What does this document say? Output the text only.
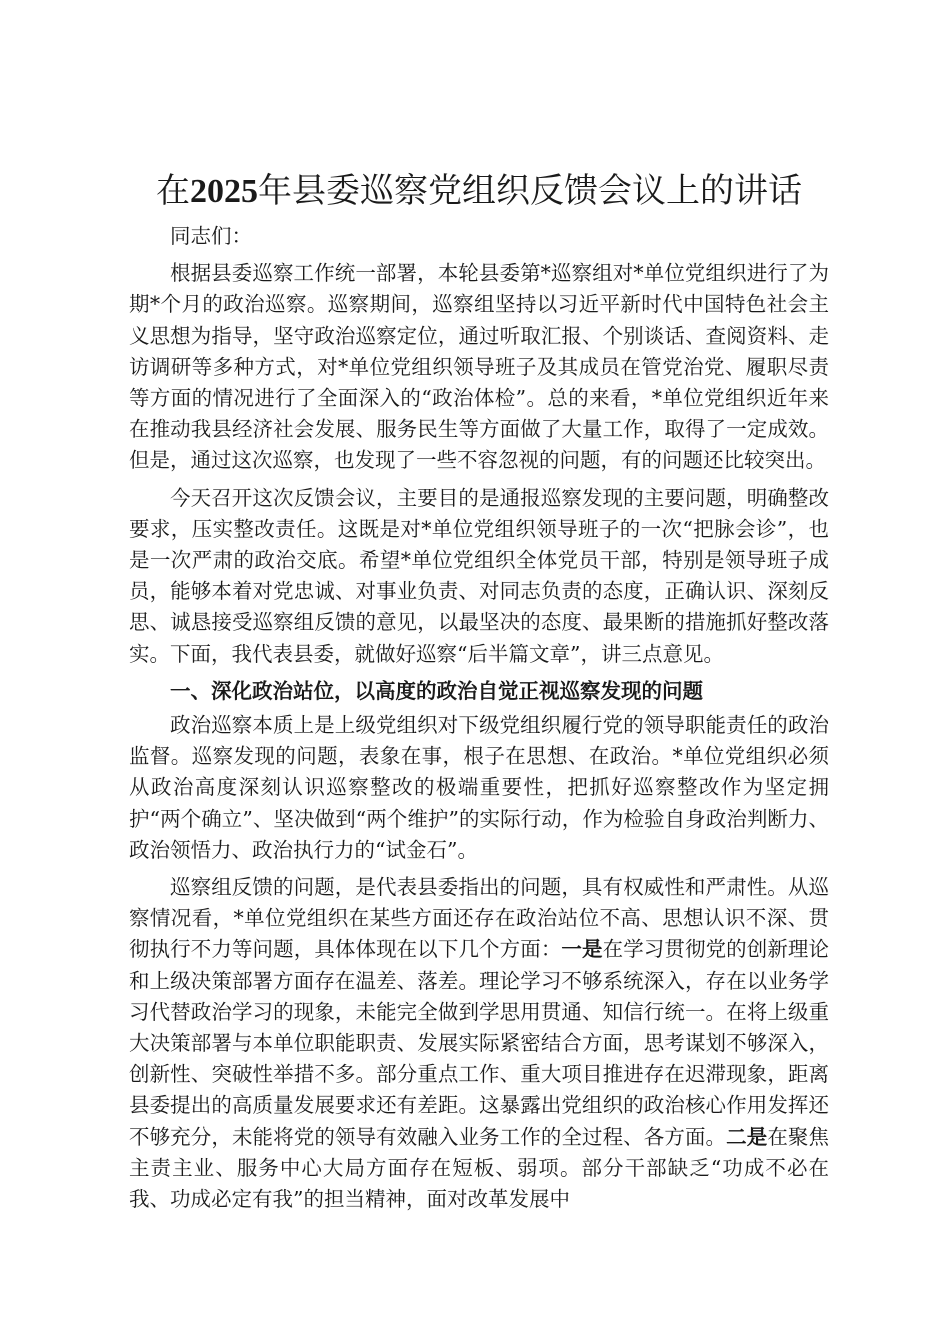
在2025年县委巡察党组织反馈会议上的讲话

同志们：

根据县委巡察工作统一部署，本轮县委第*巡察组对*单位党组织进行了为期*个月的政治巡察。巡察期间，巡察组坚持以习近平新时代中国特色社会主义思想为指导，坚守政治巡察定位，通过听取汇报、个别谈话、查阅资料、走访调研等多种方式，对*单位党组织领导班子及其成员在管党治党、履职尽责等方面的情况进行了全面深入的“政治体检”。总的来看，*单位党组织近年来在推动我县经济社会发展、服务民生等方面做了大量工作，取得了一定成效。但是，通过这次巡察，也发现了一些不容忽视的问题，有的问题还比较突出。

今天召开这次反馈会议，主要目的是通报巡察发现的主要问题，明确整改要求，压实整改责任。这既是对*单位党组织领导班子的一次“把脉会诊”，也是一次严肃的政治交底。希望*单位党组织全体党员干部，特别是领导班子成员，能够本着对党忠诚、对事业负责、对同志负责的态度，正确认识、深刻反思、诚恳接受巡察组反馈的意见，以最坚决的态度、最果断的措施抓好整改落实。下面，我代表县委，就做好巡察“后半篇文章”，讲三点意见。

一、深化政治站位，以高度的政治自觉正视巡察发现的问题

政治巡察本质上是上级党组织对下级党组织履行党的领导职能责任的政治监督。巡察发现的问题，表象在事，根子在思想、在政治。*单位党组织必须从政治高度深刻认识巡察整改的极端重要性，把抓好巡察整改作为坚定拥护“两个确立”、坚决做到“两个维护”的实际行动，作为检验自身政治判断力、政治领悟力、政治执行力的“试金石”。

巡察组反馈的问题，是代表县委指出的问题，具有权威性和严肃性。从巡察情况看，*单位党组织在某些方面还存在政治站位不高、思想认识不深、贯彻执行不力等问题，具体体现在以下几个方面：一是在学习贯彻党的创新理论和上级决策部署方面存在温差、落差。理论学习不够系统深入，存在以业务学习代替政治学习的现象，未能完全做到学思用贯通、知信行统一。在将上级重大决策部署与本单位职能职责、发展实际紧密结合方面，思考谋划不够深入，创新性、突破性举措不多。部分重点工作、重大项目推进存在迟滞现象，距离县委提出的高质量发展要求还有差距。这暴露出党组织的政治核心作用发挥还不够充分，未能将党的领导有效融入业务工作的全过程、各方面。二是在聚焦主责主业、服务中心大局方面存在短板、弱项。部分干部缺乏“功成不必在我、功成必定有我”的担当精神，面对改革发展中
